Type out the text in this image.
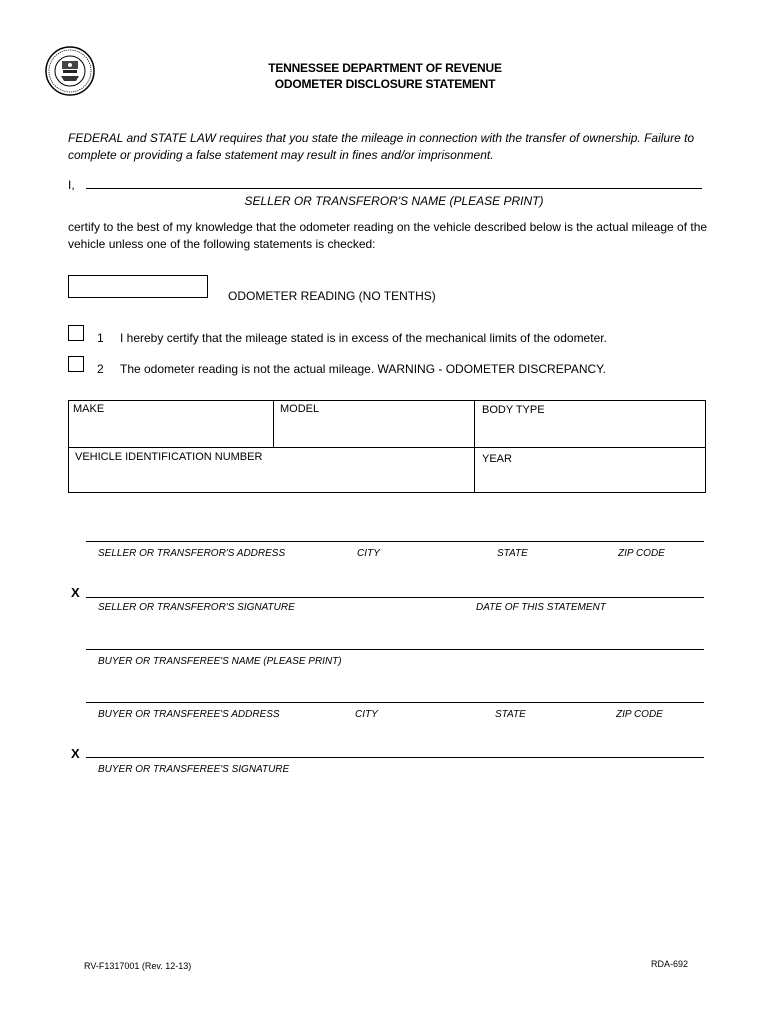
TENNESSEE DEPARTMENT OF REVENUE
ODOMETER DISCLOSURE STATEMENT
FEDERAL and STATE LAW requires that you state the mileage in connection with the transfer of ownership. Failure to complete or providing a false statement may result in fines and/or imprisonment.
I,
SELLER OR TRANSFEROR'S NAME (PLEASE PRINT)
certify to the best of my knowledge that the odometer reading on the vehicle described below is the actual mileage of the vehicle unless one of the following statements is checked:
ODOMETER READING (NO TENTHS)
1 I hereby certify that the mileage stated is in excess of the mechanical limits of the odometer.
2 The odometer reading is not the actual mileage. WARNING - ODOMETER DISCREPANCY.
MAKE	MODEL	BODY TYPE
VEHICLE IDENTIFICATION NUMBER	YEAR
SELLER OR TRANSFEROR'S ADDRESS	CITY	STATE	ZIP CODE
X
SELLER OR TRANSFEROR'S SIGNATURE	DATE OF THIS STATEMENT
BUYER OR TRANSFEREE'S NAME (PLEASE PRINT)
BUYER OR TRANSFEREE'S ADDRESS	CITY	STATE	ZIP CODE
X
BUYER OR TRANSFEREE'S SIGNATURE
RV-F1317001 (Rev. 12-13)	RDA-692
